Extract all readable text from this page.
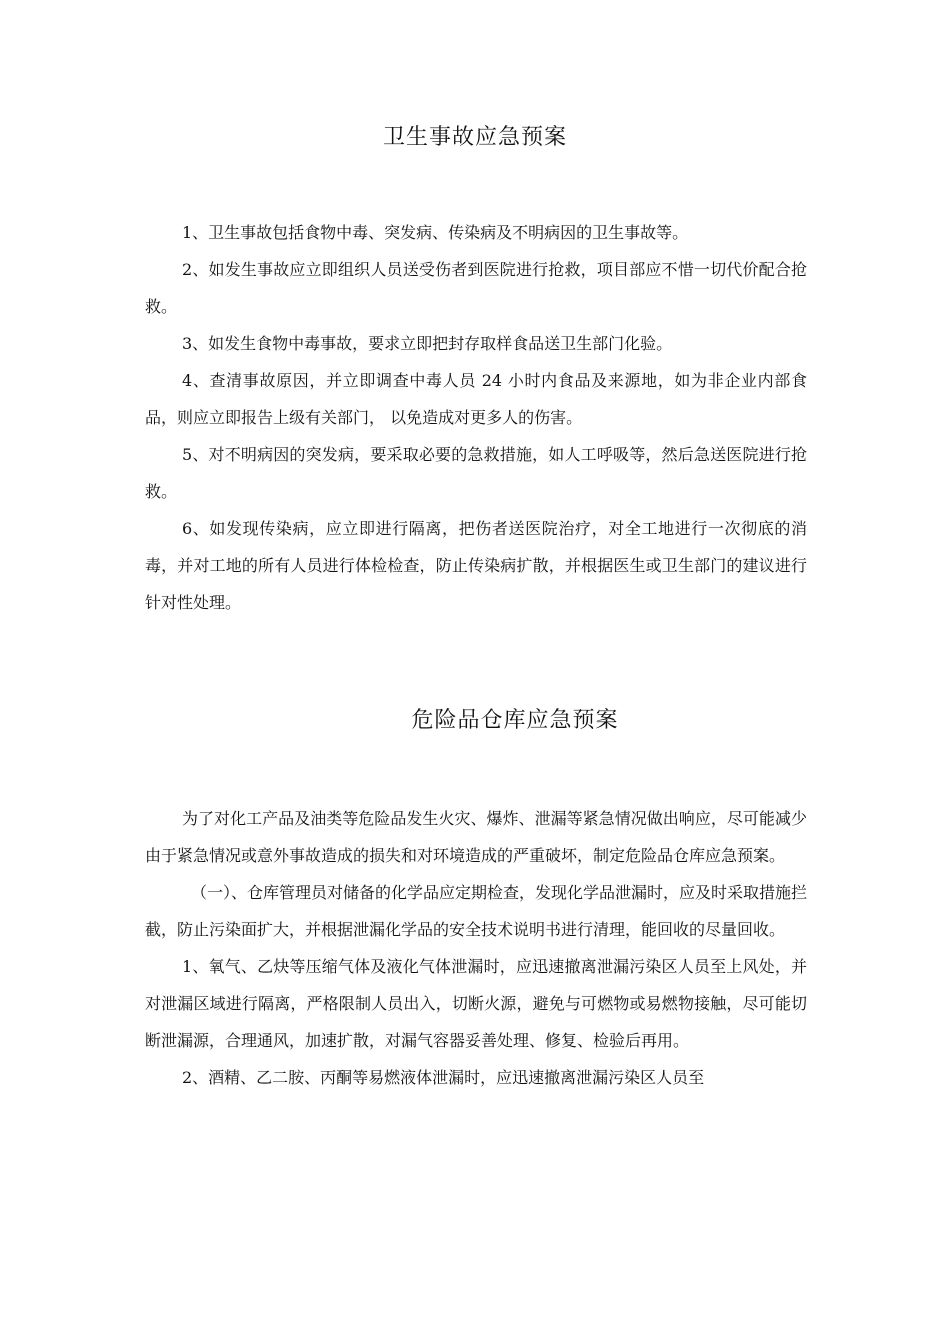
卫生事故应急预案

1、卫生事故包括食物中毒、突发病、传染病及不明病因的卫生事故等。

2、如发生事故应立即组织人员送受伤者到医院进行抢救，项目部应不惜一切代价配合抢救。

3、如发生食物中毒事故，要求立即把封存取样食品送卫生部门化验。

4、查清事故原因，并立即调查中毒人员 24 小时内食品及来源地，如为非企业内部食品，则应立即报告上级有关部门， 以免造成对更多人的伤害。

5、对不明病因的突发病，要采取必要的急救措施，如人工呼吸等，然后急送医院进行抢救。

6、如发现传染病，应立即进行隔离，把伤者送医院治疗，对全工地进行一次彻底的消毒，并对工地的所有人员进行体检检查，防止传染病扩散，并根据医生或卫生部门的建议进行针对性处理。

危险品仓库应急预案

为了对化工产品及油类等危险品发生火灾、爆炸、泄漏等紧急情况做出响应，尽可能减少由于紧急情况或意外事故造成的损失和对环境造成的严重破坏，制定危险品仓库应急预案。

（一）、仓库管理员对储备的化学品应定期检查，发现化学品泄漏时，应及时采取措施拦截，防止污染面扩大，并根据泄漏化学品的安全技术说明书进行清理，能回收的尽量回收。

1、氧气、乙炔等压缩气体及液化气体泄漏时，应迅速撤离泄漏污染区人员至上风处，并对泄漏区域进行隔离，严格限制人员出入，切断火源，避免与可燃物或易燃物接触，尽可能切断泄漏源，合理通风，加速扩散，对漏气容器妥善处理、修复、检验后再用。

2、酒精、乙二胺、丙酮等易燃液体泄漏时，应迅速撤离泄漏污染区人员至
